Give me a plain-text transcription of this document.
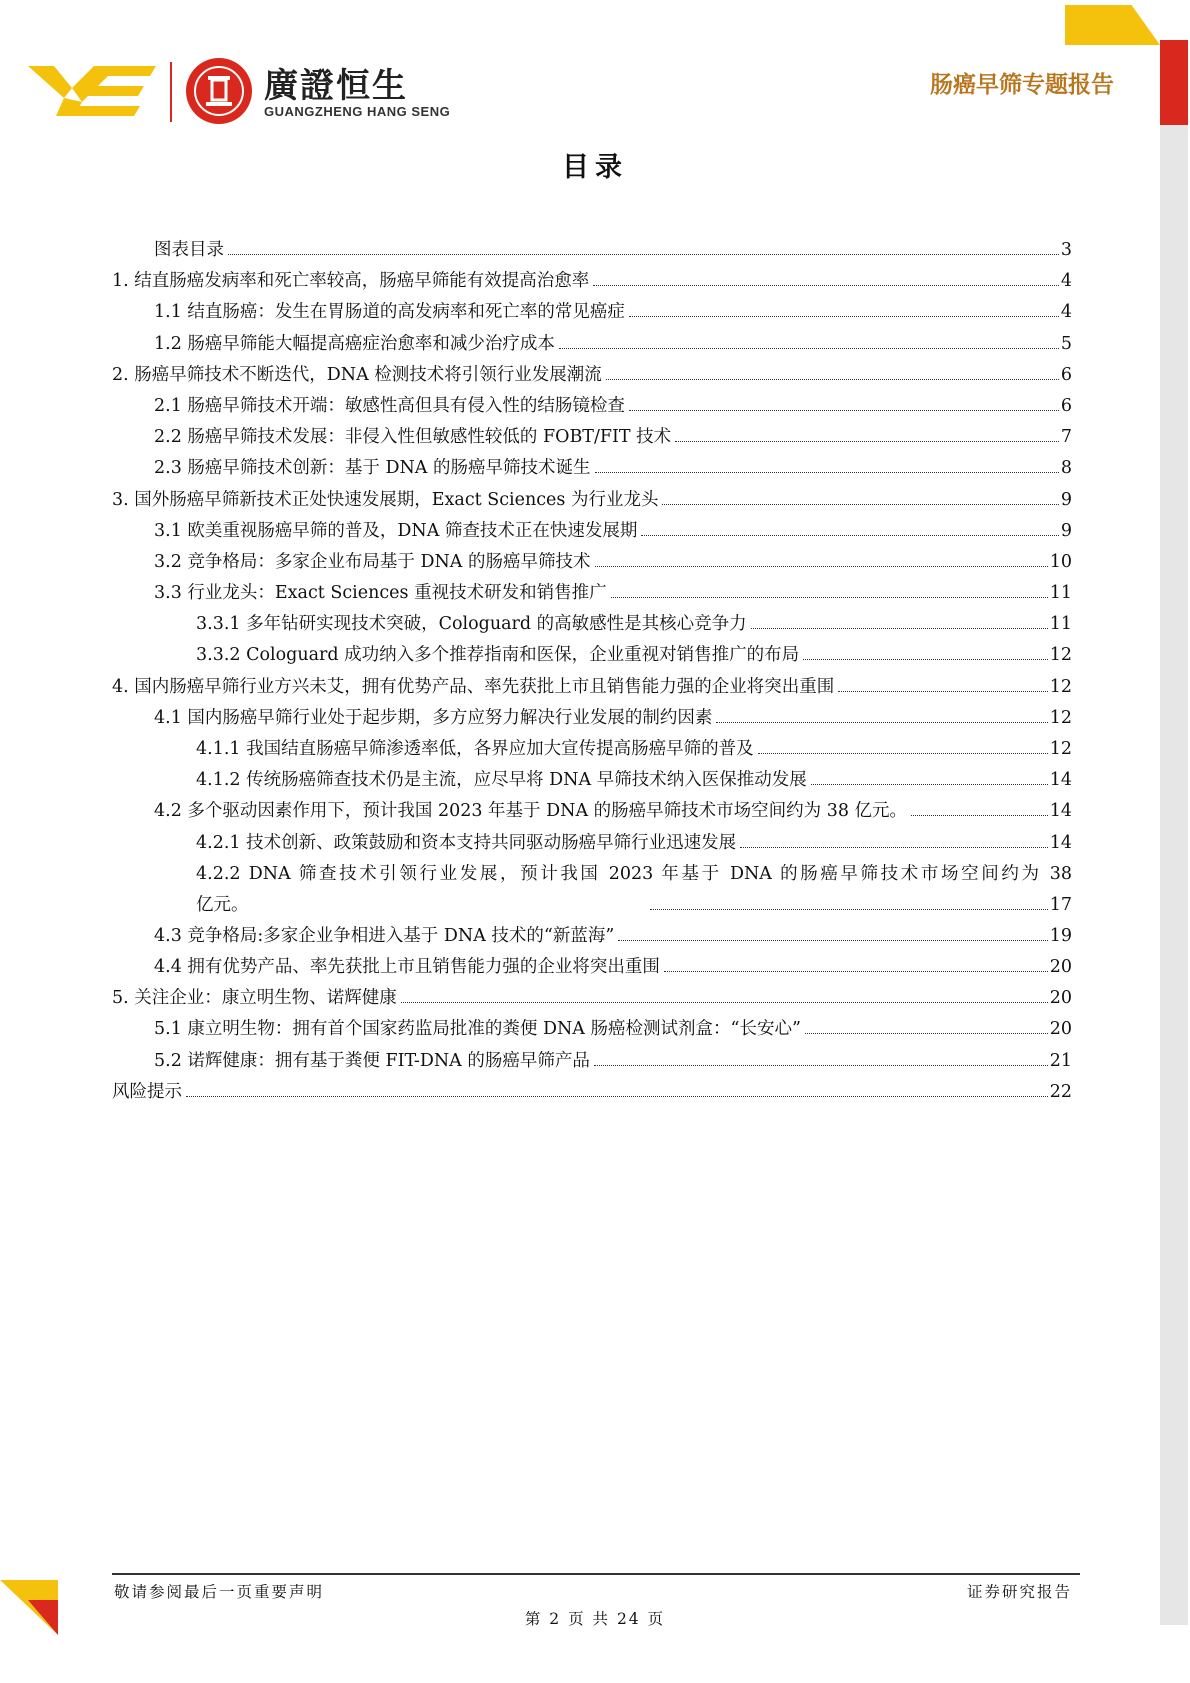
廣證恒生
GUANGZHENG HANG SENG
肠癌早筛专题报告
目录
图表目录	3
1. 结直肠癌发病率和死亡率较高，肠癌早筛能有效提高治愈率	4
1.1 结直肠癌：发生在胃肠道的高发病率和死亡率的常见癌症	4
1.2 肠癌早筛能大幅提高癌症治愈率和减少治疗成本	5
2. 肠癌早筛技术不断迭代，DNA 检测技术将引领行业发展潮流	6
2.1 肠癌早筛技术开端：敏感性高但具有侵入性的结肠镜检查	6
2.2 肠癌早筛技术发展：非侵入性但敏感性较低的 FOBT/FIT 技术	7
2.3 肠癌早筛技术创新：基于 DNA 的肠癌早筛技术诞生	8
3. 国外肠癌早筛新技术正处快速发展期，Exact Sciences 为行业龙头	9
3.1 欧美重视肠癌早筛的普及，DNA 筛查技术正在快速发展期	9
3.2 竞争格局：多家企业布局基于 DNA 的肠癌早筛技术	10
3.3 行业龙头：Exact Sciences 重视技术研发和销售推广	11
3.3.1 多年钻研实现技术突破，Cologuard 的高敏感性是其核心竞争力	11
3.3.2 Cologuard 成功纳入多个推荐指南和医保，企业重视对销售推广的布局	12
4. 国内肠癌早筛行业方兴未艾，拥有优势产品、率先获批上市且销售能力强的企业将突出重围	12
4.1 国内肠癌早筛行业处于起步期，多方应努力解决行业发展的制约因素	12
4.1.1 我国结直肠癌早筛渗透率低，各界应加大宣传提高肠癌早筛的普及	12
4.1.2 传统肠癌筛查技术仍是主流，应尽早将 DNA 早筛技术纳入医保推动发展	14
4.2 多个驱动因素作用下，预计我国 2023 年基于 DNA 的肠癌早筛技术市场空间约为 38 亿元。	14
4.2.1 技术创新、政策鼓励和资本支持共同驱动肠癌早筛行业迅速发展	14
4.2.2 DNA 筛查技术引领行业发展，预计我国 2023 年基于 DNA 的肠癌早筛技术市场空间约为 38
亿元。	17
4.3 竞争格局:多家企业争相进入基于 DNA 技术的“新蓝海”	19
4.4 拥有优势产品、率先获批上市且销售能力强的企业将突出重围	20
5. 关注企业：康立明生物、诺辉健康	20
5.1 康立明生物：拥有首个国家药监局批准的粪便 DNA 肠癌检测试剂盒：“长安心”	20
5.2 诺辉健康：拥有基于粪便 FIT-DNA 的肠癌早筛产品	21
风险提示	22
敬请参阅最后一页重要声明	证券研究报告
第 2 页 共 24 页
